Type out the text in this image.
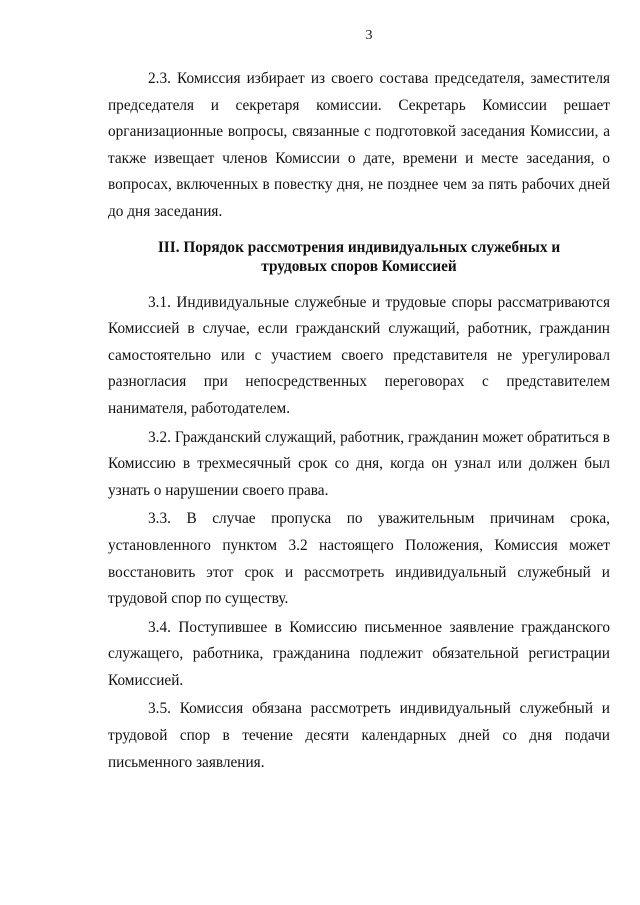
3

2.3. Комиссия избирает из своего состава председателя, заместителя председателя и секретаря комиссии. Секретарь Комиссии решает организационные вопросы, связанные с подготовкой заседания Комиссии, а также извещает членов Комиссии о дате, времени и месте заседания, о вопросах, включенных в повестку дня, не позднее чем за пять рабочих дней до дня заседания.

III. Порядок рассмотрения индивидуальных служебных и
трудовых споров Комиссией

3.1. Индивидуальные служебные и трудовые споры рассматриваются Комиссией в случае, если гражданский служащий, работник, гражданин самостоятельно или с участием своего представителя не урегулировал разногласия при непосредственных переговорах с представителем нанимателя, работодателем.

3.2. Гражданский служащий, работник, гражданин может обратиться в Комиссию в трехмесячный срок со дня, когда он узнал или должен был узнать о нарушении своего права.

3.3. В случае пропуска по уважительным причинам срока, установленного пунктом 3.2 настоящего Положения, Комиссия может восстановить этот срок и рассмотреть индивидуальный служебный и трудовой спор по существу.

3.4. Поступившее в Комиссию письменное заявление гражданского служащего, работника, гражданина подлежит обязательной регистрации Комиссией.

3.5. Комиссия обязана рассмотреть индивидуальный служебный и трудовой спор в течение десяти календарных дней со дня подачи письменного заявления.
